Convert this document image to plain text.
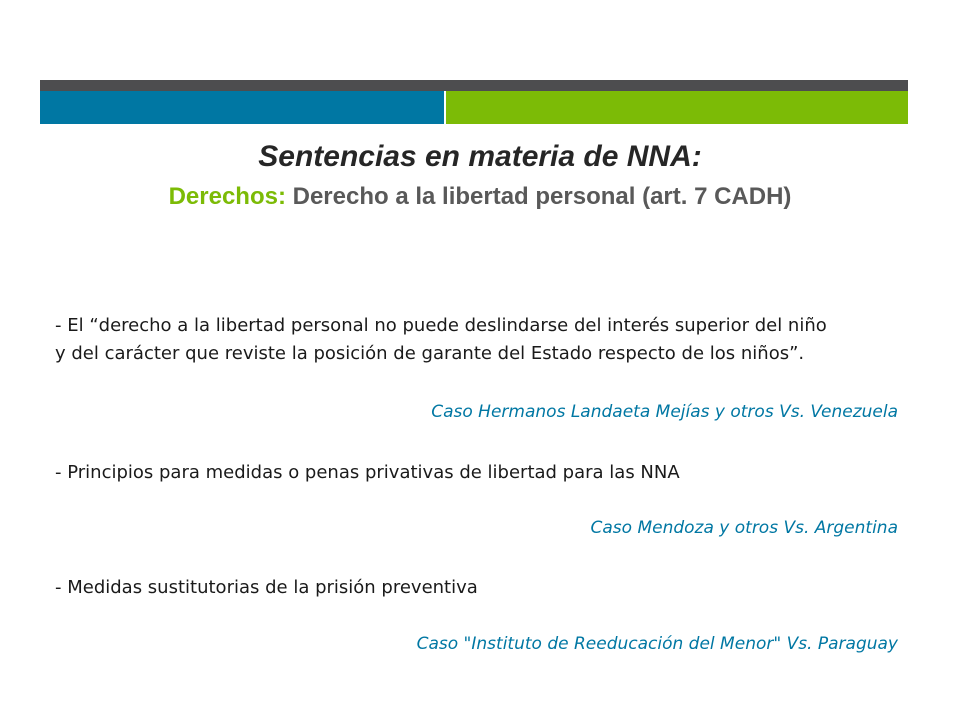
Sentencias en materia de NNA:
Derechos: Derecho a la libertad personal (art. 7 CADH)
- El “derecho a la libertad personal no puede deslindarse del interés superior del niño
y del carácter que reviste la posición de garante del Estado respecto de los niños”.
Caso Hermanos Landaeta Mejías y otros Vs. Venezuela
- Principios para medidas o penas privativas de libertad para las NNA
Caso Mendoza y otros Vs. Argentina
- Medidas sustitutorias de la prisión preventiva
Caso "Instituto de Reeducación del Menor" Vs. Paraguay
